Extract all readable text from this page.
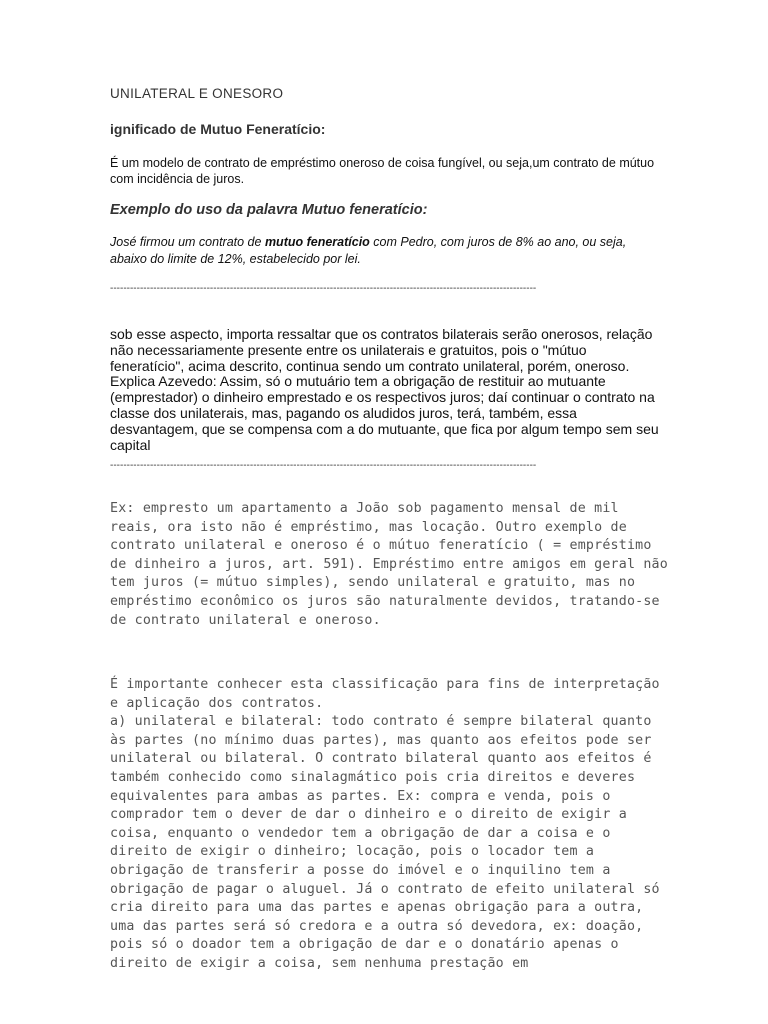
UNILATERAL E ONESORO

ignificado de Mutuo Feneratício:

É um modelo de contrato de empréstimo oneroso de coisa fungível, ou seja,um contrato de mútuo com incidência de juros.

Exemplo do uso da palavra Mutuo feneratício:

José firmou um contrato de mutuo feneratício com Pedro, com juros de 8% ao ano, ou seja, abaixo do limite de 12%, estabelecido por lei.

--------------------------------------------------------------------------------------------------------------------------------

sob esse aspecto, importa ressaltar que os contratos bilaterais serão onerosos, relação não necessariamente presente entre os unilaterais e gratuitos, pois o "mútuo feneratício", acima descrito, continua sendo um contrato unilateral, porém, oneroso. Explica Azevedo: Assim, só o mutuário tem a obrigação de restituir ao mutuante (emprestador) o dinheiro emprestado e os respectivos juros; daí continuar o contrato na classe dos unilaterais, mas, pagando os aludidos juros, terá, também, essa desvantagem, que se compensa com a do mutuante, que fica por algum tempo sem seu capital

--------------------------------------------------------------------------------------------------------------------------------

Ex: empresto um apartamento a João sob pagamento mensal de mil reais, ora isto não é empréstimo, mas locação. Outro exemplo de contrato unilateral e oneroso é o mútuo feneratício ( = empréstimo de dinheiro a juros, art. 591). Empréstimo entre amigos em geral não tem juros (= mútuo simples), sendo unilateral e gratuito, mas no empréstimo econômico os juros são naturalmente devidos, tratando-se de contrato unilateral e oneroso.

É importante conhecer esta classificação para fins de interpretação e aplicação dos contratos.
a) unilateral e bilateral: todo contrato é sempre bilateral quanto às partes (no mínimo duas partes), mas quanto aos efeitos pode ser unilateral ou bilateral. O contrato bilateral quanto aos efeitos é também conhecido como sinalagmático pois cria direitos e deveres equivalentes para ambas as partes. Ex: compra e venda, pois o comprador tem o dever de dar o dinheiro e o direito de exigir a coisa, enquanto o vendedor tem a obrigação de dar a coisa e o direito de exigir o dinheiro; locação, pois o locador tem a obrigação de transferir a posse do imóvel e o inquilino tem a obrigação de pagar o aluguel. Já o contrato de efeito unilateral só cria direito para uma das partes e apenas obrigação para a outra, uma das partes será só credora e a outra só devedora, ex: doação, pois só o doador tem a obrigação de dar e o donatário apenas o direito de exigir a coisa, sem nenhuma prestação em
